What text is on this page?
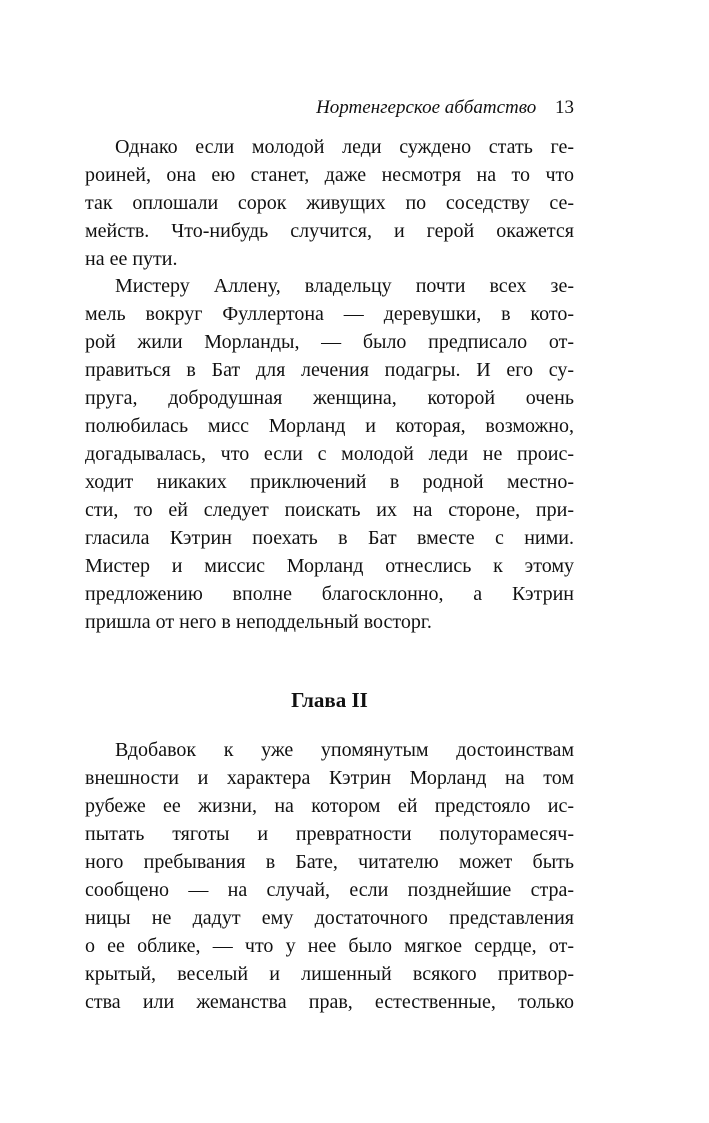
Нортенгерское аббатство 13
Однако если молодой леди суждено стать ге-
роиней, она ею станет, даже несмотря на то что
так оплошали сорок живущих по соседству се-
мейств. Что-нибудь случится, и герой окажется
на ее пути.
Мистеру Аллену, владельцу почти всех зе-
мель вокруг Фуллертона — деревушки, в кото-
рой жили Морланды, — было предписало от-
правиться в Бат для лечения подагры. И его су-
пруга, добродушная женщина, которой очень
полюбилась мисс Морланд и которая, возможно,
догадывалась, что если с молодой леди не проис-
ходит никаких приключений в родной местно-
сти, то ей следует поискать их на стороне, при-
гласила Кэтрин поехать в Бат вместе с ними.
Мистер и миссис Морланд отнеслись к этому
предложению вполне благосклонно, а Кэтрин
пришла от него в неподдельный восторг.
Глава II
Вдобавок к уже упомянутым достоинствам
внешности и характера Кэтрин Морланд на том
рубеже ее жизни, на котором ей предстояло ис-
пытать тяготы и превратности полуторамесяч-
ного пребывания в Бате, читателю может быть
сообщено — на случай, если позднейшие стра-
ницы не дадут ему достаточного представления
о ее облике, — что у нее было мягкое сердце, от-
крытый, веселый и лишенный всякого притвор-
ства или жеманства прав, естественные, только
